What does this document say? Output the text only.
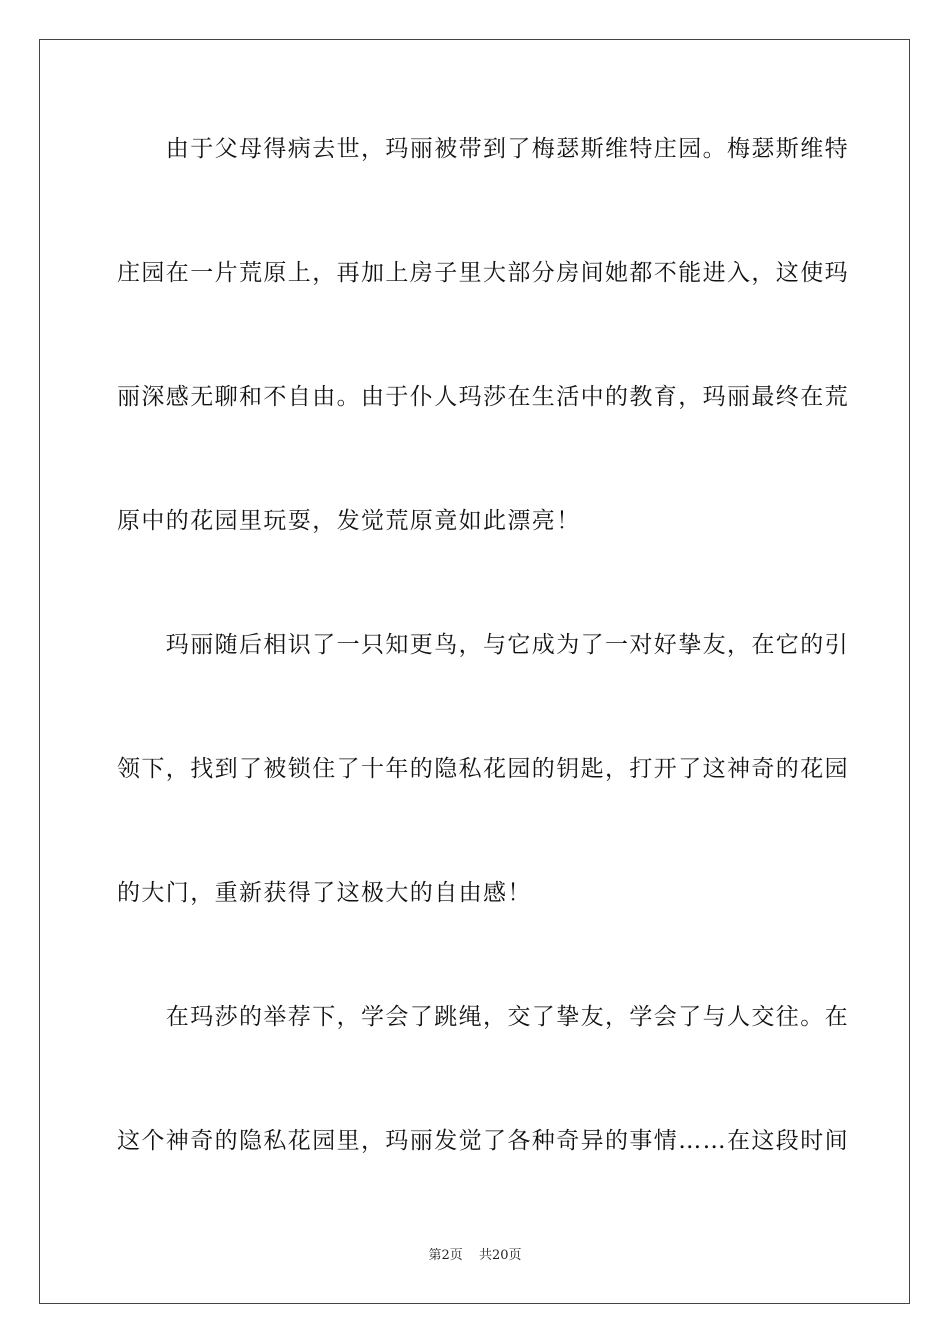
　　由于父母得病去世，玛丽被带到了梅瑟斯维特庄园。梅瑟斯维特
庄园在一片荒原上，再加上房子里大部分房间她都不能进入，这使玛
丽深感无聊和不自由。由于仆人玛莎在生活中的教育，玛丽最终在荒
原中的花园里玩耍，发觉荒原竟如此漂亮！
　　玛丽随后相识了一只知更鸟，与它成为了一对好挚友，在它的引
领下，找到了被锁住了十年的隐私花园的钥匙，打开了这神奇的花园
的大门，重新获得了这极大的自由感！
　　在玛莎的举荐下，学会了跳绳，交了挚友，学会了与人交往。在
这个神奇的隐私花园里，玛丽发觉了各种奇异的事情……在这段时间
第2页 共20页
